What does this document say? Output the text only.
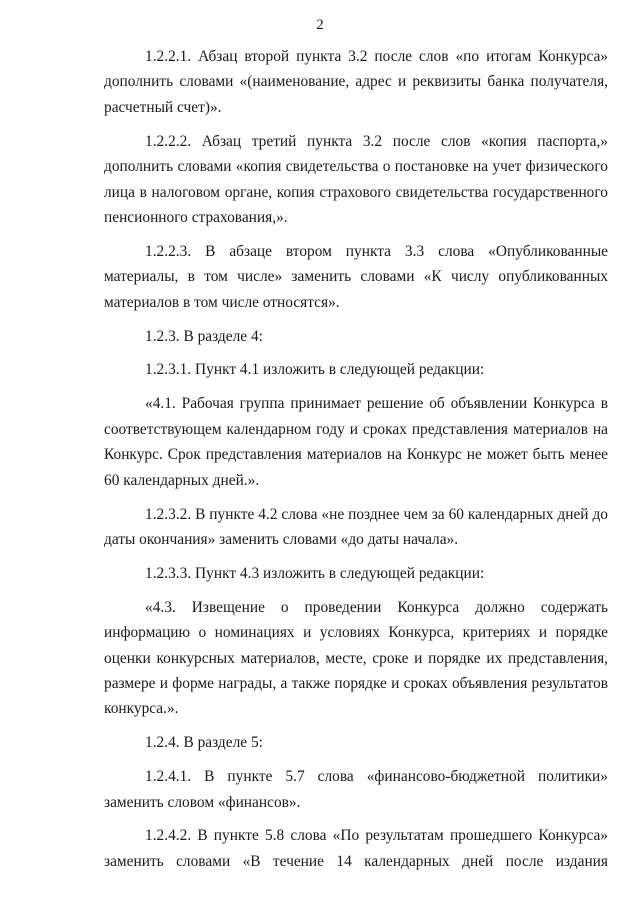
2

1.2.2.1. Абзац второй пункта 3.2 после слов «по итогам Конкурса» дополнить словами «(наименование, адрес и реквизиты банка получателя, расчетный счет)».

1.2.2.2. Абзац третий пункта 3.2 после слов «копия паспорта,» дополнить словами «копия свидетельства о постановке на учет физического лица в налоговом органе, копия страхового свидетельства государственного пенсионного страхования,».

1.2.2.3. В абзаце втором пункта 3.3 слова «Опубликованные материалы, в том числе» заменить словами «К числу опубликованных материалов в том числе относятся».

1.2.3. В разделе 4:

1.2.3.1. Пункт 4.1 изложить в следующей редакции:

«4.1. Рабочая группа принимает решение об объявлении Конкурса в соответствующем календарном году и сроках представления материалов на Конкурс. Срок представления материалов на Конкурс не может быть менее 60 календарных дней.».

1.2.3.2. В пункте 4.2 слова «не позднее чем за 60 календарных дней до даты окончания» заменить словами «до даты начала».

1.2.3.3. Пункт 4.3 изложить в следующей редакции:

«4.3. Извещение о проведении Конкурса должно содержать информацию о номинациях и условиях Конкурса, критериях и порядке оценки конкурсных материалов, месте, сроке и порядке их представления, размере и форме награды, а также порядке и сроках объявления результатов конкурса.».

1.2.4. В разделе 5:

1.2.4.1. В пункте 5.7 слова «финансово-бюджетной политики» заменить словом «финансов».

1.2.4.2. В пункте 5.8 слова «По результатам прошедшего Конкурса» заменить словами «В течение 14 календарных дней после издания
